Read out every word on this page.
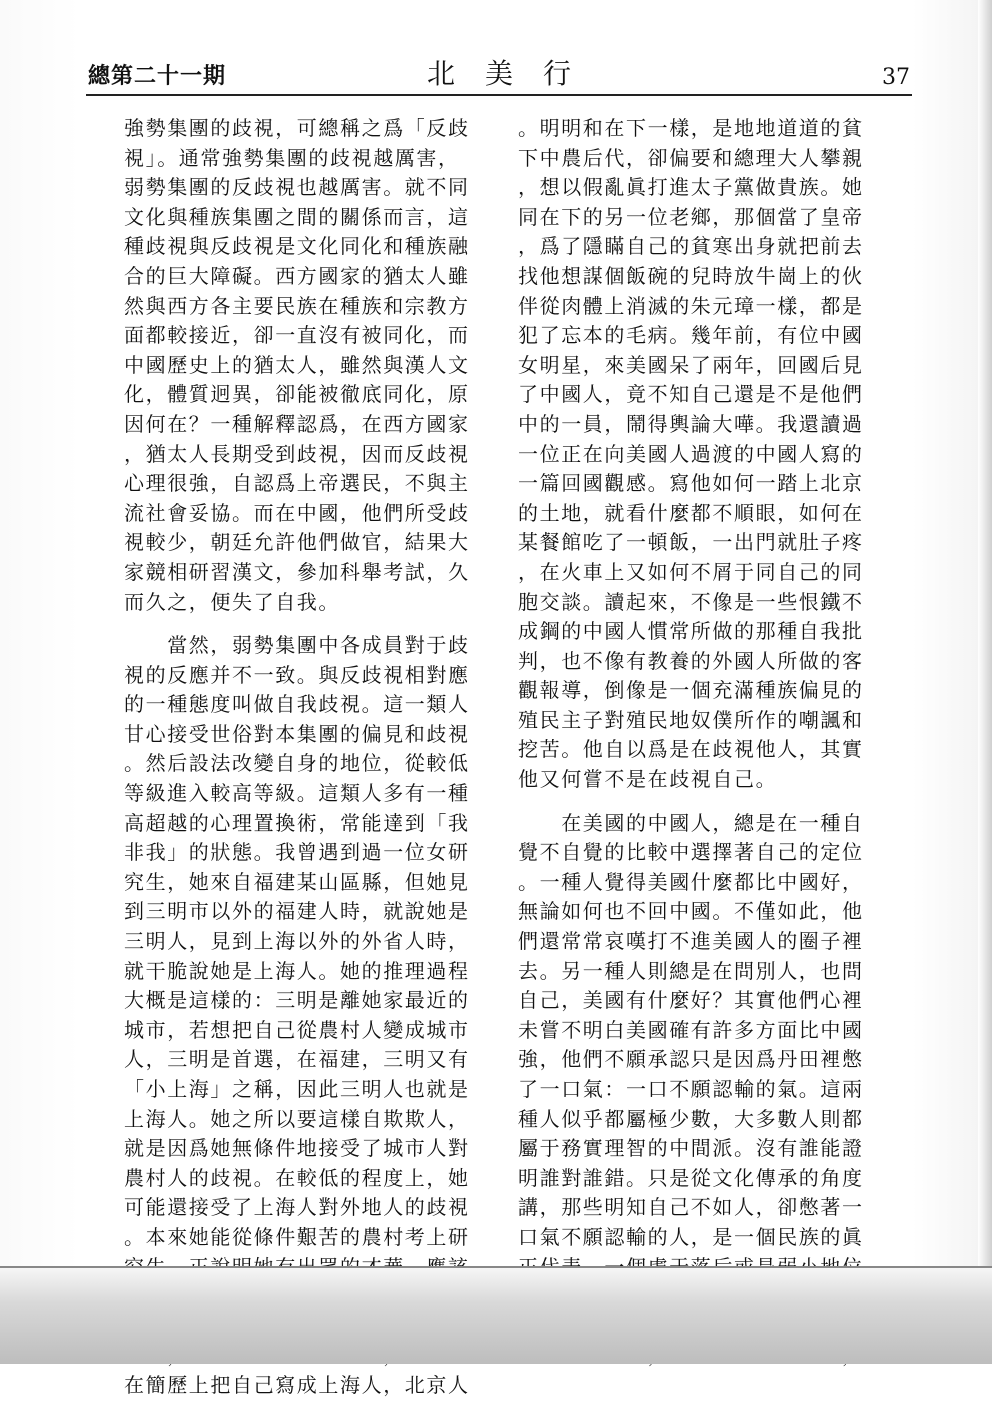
總第二十一期	北美行	37

強勢集團的歧視，可總稱之爲「反歧
視」。通常強勢集團的歧視越厲害，
弱勢集團的反歧視也越厲害。就不同
文化與種族集團之間的關係而言，這
種歧視與反歧視是文化同化和種族融
合的巨大障礙。西方國家的猶太人雖
然與西方各主要民族在種族和宗教方
面都較接近，卻一直沒有被同化，而
中國歷史上的猶太人，雖然與漢人文
化，體質迥異，卻能被徹底同化，原
因何在？一種解釋認爲，在西方國家
，猶太人長期受到歧視，因而反歧視
心理很強，自認爲上帝選民，不與主
流社會妥協。而在中國，他們所受歧
視較少，朝廷允許他們做官，結果大
家競相研習漢文，參加科舉考試，久
而久之，便失了自我。

　　當然，弱勢集團中各成員對于歧
視的反應并不一致。與反歧視相對應
的一種態度叫做自我歧視。這一類人
甘心接受世俗對本集團的偏見和歧視
。然后設法改變自身的地位，從較低
等級進入較高等級。這類人多有一種
高超越的心理置換術，常能達到「我
非我」的狀態。我曾遇到過一位女研
究生，她來自福建某山區縣，但她見
到三明市以外的福建人時，就說她是
三明人，見到上海以外的外省人時，
就干脆說她是上海人。她的推理過程
大概是這樣的：三明是離她家最近的
城市，若想把自己從農村人變成城市
人，三明是首選，在福建，三明又有
「小上海」之稱，因此三明人也就是
上海人。她之所以要這樣自欺欺人，
就是因爲她無條件地接受了城市人對
農村人的歧視。在較低的程度上，她
可能還接受了上海人對外地人的歧視
。本來她能從條件艱苦的農村考上研

在簡歷上把自己寫成上海人，北京人

。明明和在下一樣，是地地道道的貧
下中農后代，卻偏要和總理大人攀親
，想以假亂眞打進太子黨做貴族。她
同在下的另一位老鄉，那個當了皇帝
，爲了隱瞞自己的貧寒出身就把前去
找他想謀個飯碗的兒時放牛崗上的伙
伴從肉體上消滅的朱元璋一樣，都是
犯了忘本的毛病。幾年前，有位中國
女明星，來美國呆了兩年，回國后見
了中國人，竟不知自己還是不是他們
中的一員，鬧得輿論大嘩。我還讀過
一位正在向美國人過渡的中國人寫的
一篇回國觀感。寫他如何一踏上北京
的土地，就看什麼都不順眼，如何在
某餐館吃了一頓飯，一出門就肚子疼
，在火車上又如何不屑于同自己的同
胞交談。讀起來，不像是一些恨鐵不
成鋼的中國人慣常所做的那種自我批
判，也不像有教養的外國人所做的客
觀報導，倒像是一個充滿種族偏見的
殖民主子對殖民地奴僕所作的嘲諷和
挖苦。他自以爲是在歧視他人，其實
他又何嘗不是在歧視自己。

　　在美國的中國人，總是在一種自
覺不自覺的比較中選擇著自己的定位
。一種人覺得美國什麼都比中國好，
無論如何也不回中國。不僅如此，他
們還常常哀嘆打不進美國人的圈子裡
去。另一種人則總是在問別人，也問
自己，美國有什麼好？其實他們心裡
未嘗不明白美國確有許多方面比中國
強，他們不願承認只是因爲丹田裡憋
了一口氣：一口不願認輸的氣。這兩
種人似乎都屬極少數，大多數人則都
屬于務實理智的中間派。沒有誰能證
明誰對誰錯。只是從文化傳承的角度
講，那些明知自己不如人，卻憋著一
口氣不願認輸的人，是一個民族的眞
